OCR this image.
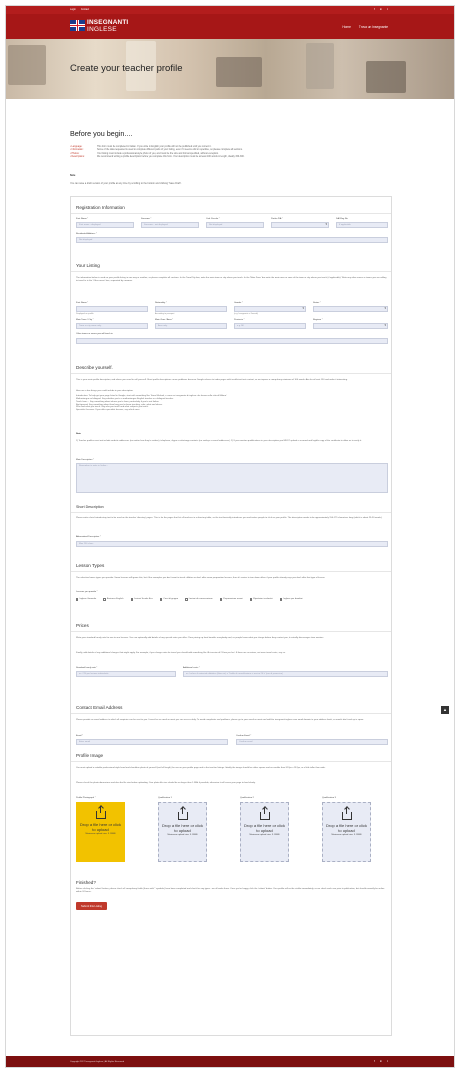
Login Contact	f in t
INSEGNANTI
INGLESE	Home	Trova un Insegnante
Create your teacher profile
Before you begin....
• Language:	This form must be completed in Italian. If you write in English your profile will not be published until you correct it.
• Information:	Some of the data requested is used to complete different parts of your listing, even if it seems odd or repetitive, so please complete all sections.
• Photos:	Your listing must include a professional-style photo of you, and must be the size and format specified, without exception.
• Descriptions:	We recommend writing a profile description before you complete this form. Your description must be at least 100 words in length, ideally 150-300.
Note
You can save a draft version of your profile at any time by scrolling to the bottom and clicking 'Save Draft'.
Registration Information
First Name *
First name - displayed
Surname *
Surname - not displayed
Cod. Fiscale *
Not displayed
Partita IVA *
▾	DAI Reg No
If applicable
Residential Address *
Not displayed
Your Listing
The information below is used on your profile listing in one way or another, so please complete all sections. In the Town/City box, write the main town or city where you teach. In the 'Main Zone' box write the main area or zone of the town or city where you teach (if applicable). Write any other zones or towns you are willing to travel to in the 'Other areas' box, separated by commas.
First Name *
Displayed on profile
Nationality *
According to passport
Gender *
▾
(e.g. Insegnante = Female)
Status *
▾
Main Town / City *
Town or city name only
Main Zone / Area *
Area only
Provincia *
e.g. MI
Regione *
▾
Other towns or zones you will teach in
Describe yourself.
This is your main profile description, and where you need to sell yourself. Short profile descriptions cause problems because Google refuses to index pages with insufficient text content, so we impose a compulsory minimum of 100 words. Aim for at least 150 and make it interesting.
Here are a few things you could include in your description:
Introduction: To help get your page listed in Google, start with something like 'Sono Michael, e sono un insegnante di inglese che lavora nella citta di Milano.'
Mothertongue or bilingual: Say whether you're a mothertongue English teacher or a bilingual teacher.
Teach from...: Say something about where you're from, particularly if you're not Italian.
Background: Say something about how long you've been teaching, who, what and where.
Who and what you teach: Say who you teach and what subjects you teach.
Specialist Lessons: If you offer specialist lessons, say which ones.
Note
1) Teacher profiles must not include website addresses (no matter how they're written), telephone, skype or whatsapp contacts (no smileys or email addresses). 2) If you mention qualifications in your description you MUST upload a scanned and legible copy of the certificate to allow us to verify it.
Main Description *
Remember to write in Italian...
Short Description
Please write a brief introductory text to be used on the teacher 'directory' pages. This is for the pages that list all teachers in a directory table, so the text basically introduces you and invites people to click on your profile. The description needs to be approximately 150-175 characters long (which is about 25-30 words).
Abbreviated Description *
Max 250 chars
Lesson Types
The selection boxes types you provide. Some lessons will ignore this, but if the examples you don't want to teach children or don't offer exam preparation lessons, then it's easier to turn down offers if your profile already says you don't offer that type of lesson.
Lessons you provide *
Inglese Generale	Business English	Lezioni Scuole Eco	Corsi di gruppo	Lezioni di conversazione	Preparazione esami	Ripetizioni scolastici	Inglese per bambini
Prices
Write your standard hourly rate for one to one lessons. You can optionally add details of any special rates you offer. Clear pricing up front benefits everybody and, as people know what you charge before they contact you, it actually discourages time wasters.
Finally, add details of any additional charges that might apply. For example, if you charge extra for travel you should add something like 'A ricorsivo di 2 Euro per km'. If there are no extras, not even travel costs, say so.
Standard hourly rate *
es. €20 per lezione individuale
Additional costs *
es. Incluso il materiale didattico (libro etc) o 'Tariffa di cancellazione si avvisa 24 h' (ore di preavviso)
Contact Email Address
Please provide an email address to which all enquiries can be sent to you. It must be an email account you can access daily. To avoid complaints and problems, please go to your email account and add the insegnanti-inglese.com email domain to your address book, so emails don't end up in spam.
Email *
Enter email
Confirm Email *
Confirm email
Profile Image
You must upload a suitable professional-style head and shoulders photo of yourself (not full length) for use on your profile page and in the teacher listings. Ideally the image should be either square and no smaller than 512px x 512px, or a little taller than wide.
Please check the photo dimensions and also the file size before uploading. Your photo file size should be no larger than 1.5Mb if possible, otherwise it will cause your page to load slowly.
Profile Photograph *
Drop a file here or click to upload
Maximum upload size: 3.15MB
Qualification 1
Drop a file here or click to upload
Maximum upload size: 3.15MB
Qualification 2
Drop a file here or click to upload
Maximum upload size: 3.15MB
Qualification 3
Drop a file here or click to upload
Maximum upload size: 3.15MB
Finished?
Before clicking the 'submit' button, please check all compulsory fields (those with * symbols) have been completed and check for any typos - we all make them. Once you're happy, click the 'submit' button. Your profile will not be visible immediately, as we check each one prior to publication, but should normally be online within 24 hours.
Submit this Listing
▲
Copyright 2017 Insegnanti Inglese | All Rights Reserved	f in t
